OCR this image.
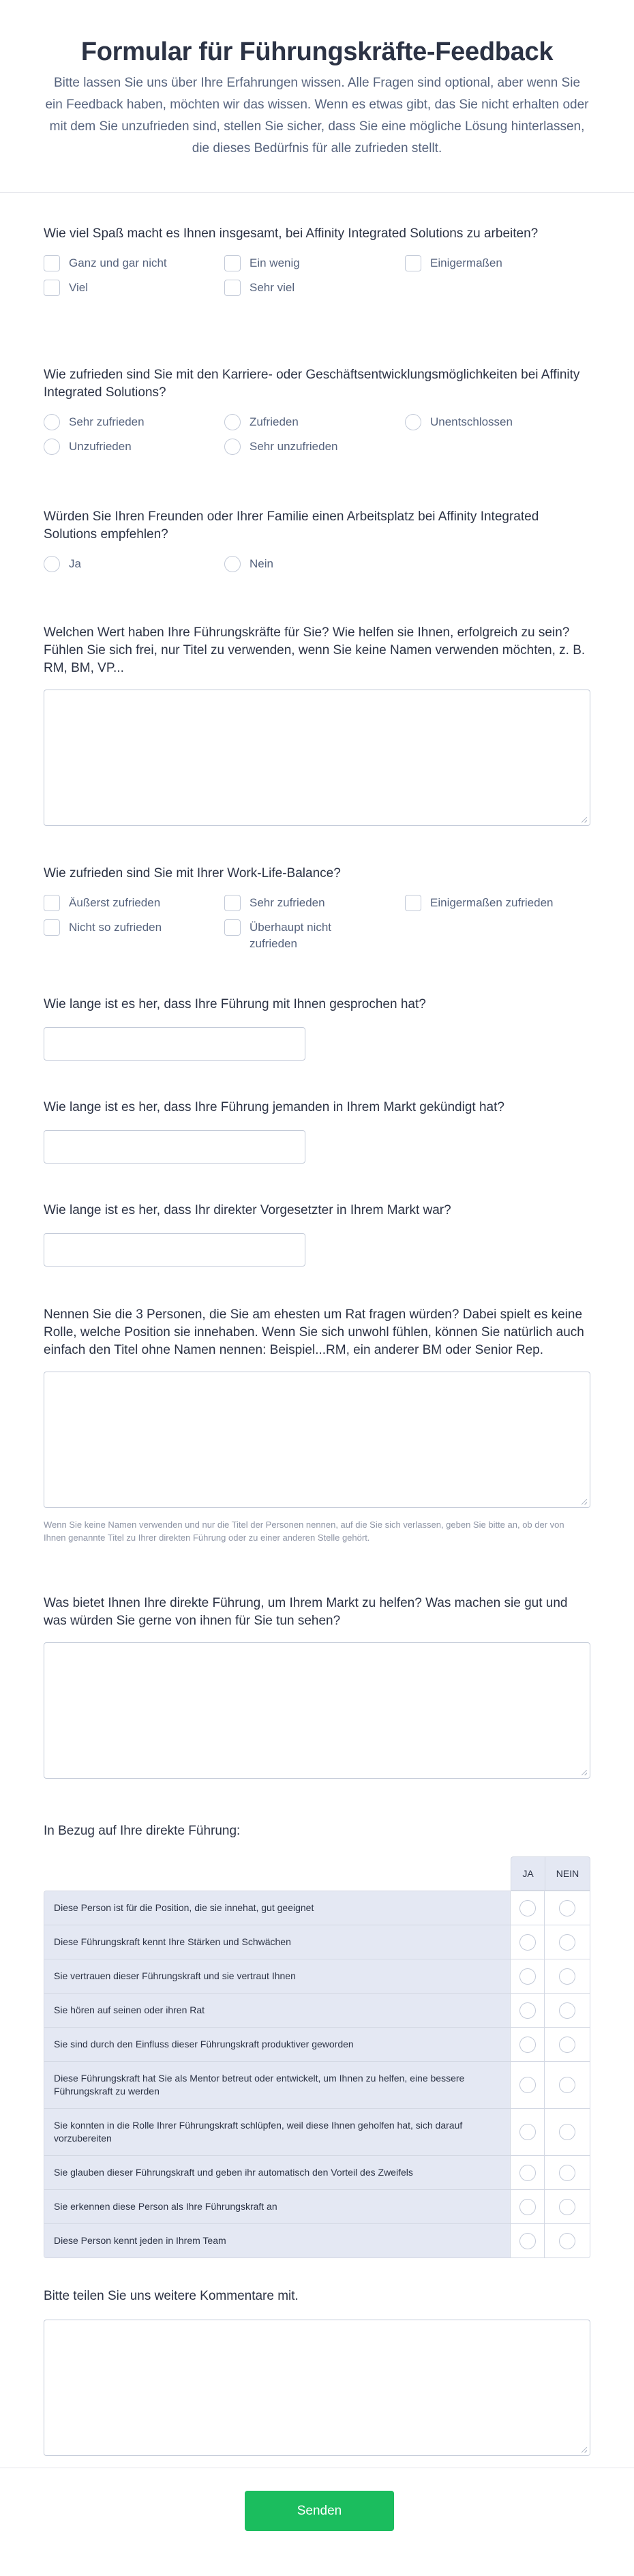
Formular für Führungskräfte-Feedback

Bitte lassen Sie uns über Ihre Erfahrungen wissen. Alle Fragen sind optional, aber wenn Sie ein Feedback haben, möchten wir das wissen. Wenn es etwas gibt, das Sie nicht erhalten oder mit dem Sie unzufrieden sind, stellen Sie sicher, dass Sie eine mögliche Lösung hinterlassen, die dieses Bedürfnis für alle zufrieden stellt.

Wie viel Spaß macht es Ihnen insgesamt, bei Affinity Integrated Solutions zu arbeiten?
Ganz und gar nicht	Ein wenig	Einigermaßen
Viel	Sehr viel
Wie zufrieden sind Sie mit den Karriere- oder Geschäftsentwicklungsmöglichkeiten bei Affinity Integrated Solutions?
Sehr zufrieden	Zufrieden	Unentschlossen
Unzufrieden	Sehr unzufrieden
Würden Sie Ihren Freunden oder Ihrer Familie einen Arbeitsplatz bei Affinity Integrated Solutions empfehlen?
Ja	Nein
Welchen Wert haben Ihre Führungskräfte für Sie? Wie helfen sie Ihnen, erfolgreich zu sein? Fühlen Sie sich frei, nur Titel zu verwenden, wenn Sie keine Namen verwenden möchten, z. B. RM, BM, VP...
Wie zufrieden sind Sie mit Ihrer Work-Life-Balance?
Äußerst zufrieden	Sehr zufrieden	Einigermaßen zufrieden
Nicht so zufrieden	Überhaupt nicht zufrieden
Wie lange ist es her, dass Ihre Führung mit Ihnen gesprochen hat?
Wie lange ist es her, dass Ihre Führung jemanden in Ihrem Markt gekündigt hat?
Wie lange ist es her, dass Ihr direkter Vorgesetzter in Ihrem Markt war?
Nennen Sie die 3 Personen, die Sie am ehesten um Rat fragen würden? Dabei spielt es keine Rolle, welche Position sie innehaben. Wenn Sie sich unwohl fühlen, können Sie natürlich auch einfach den Titel ohne Namen nennen: Beispiel...RM, ein anderer BM oder Senior Rep.
Wenn Sie keine Namen verwenden und nur die Titel der Personen nennen, auf die Sie sich verlassen, geben Sie bitte an, ob der von Ihnen genannte Titel zu Ihrer direkten Führung oder zu einer anderen Stelle gehört.
Was bietet Ihnen Ihre direkte Führung, um Ihrem Markt zu helfen? Was machen sie gut und was würden Sie gerne von ihnen für Sie tun sehen?
In Bezug auf Ihre direkte Führung:
JA	NEIN
Diese Person ist für die Position, die sie innehat, gut geeignet
Diese Führungskraft kennt Ihre Stärken und Schwächen
Sie vertrauen dieser Führungskraft und sie vertraut Ihnen
Sie hören auf seinen oder ihren Rat
Sie sind durch den Einfluss dieser Führungskraft produktiver geworden
Diese Führungskraft hat Sie als Mentor betreut oder entwickelt, um Ihnen zu helfen, eine bessere Führungskraft zu werden
Sie konnten in die Rolle Ihrer Führungskraft schlüpfen, weil diese Ihnen geholfen hat, sich darauf vorzubereiten
Sie glauben dieser Führungskraft und geben ihr automatisch den Vorteil des Zweifels
Sie erkennen diese Person als Ihre Führungskraft an
Diese Person kennt jeden in Ihrem Team
Bitte teilen Sie uns weitere Kommentare mit.
Senden
